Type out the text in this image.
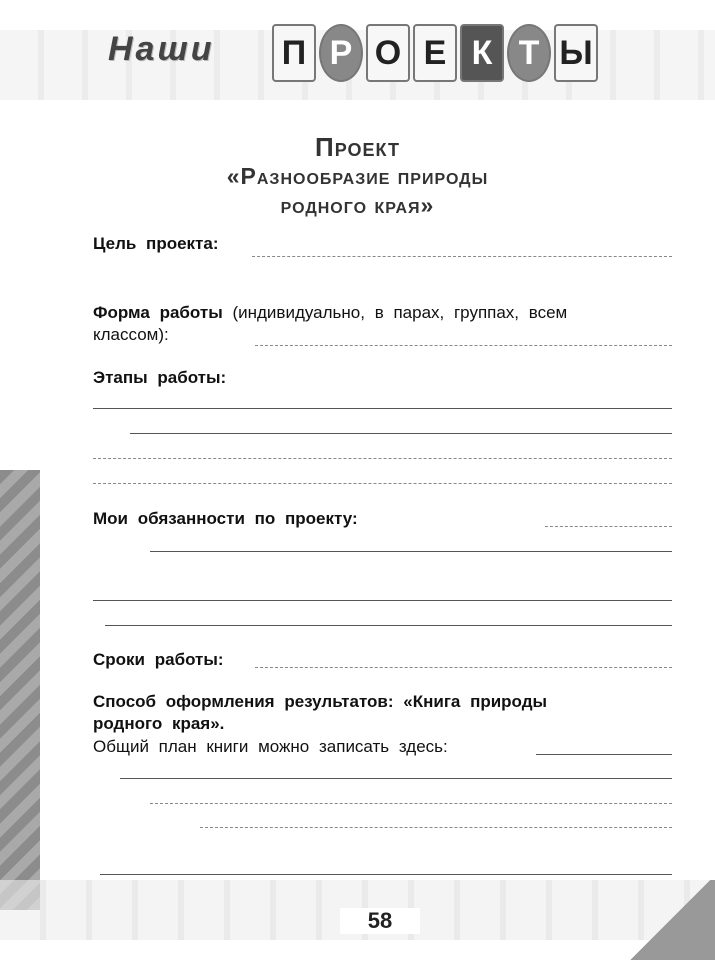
Наши П Р О Е К Т Ы
Проект
«Разнообразие природы
родного края»
Цель проекта:
Форма работы (индивидуально, в парах, группах, всем
классом):
Этапы работы:
Мои обязанности по проекту:
Сроки работы:
Способ оформления результатов: «Книга природы
родного края».
Общий план книги можно записать здесь:
58
